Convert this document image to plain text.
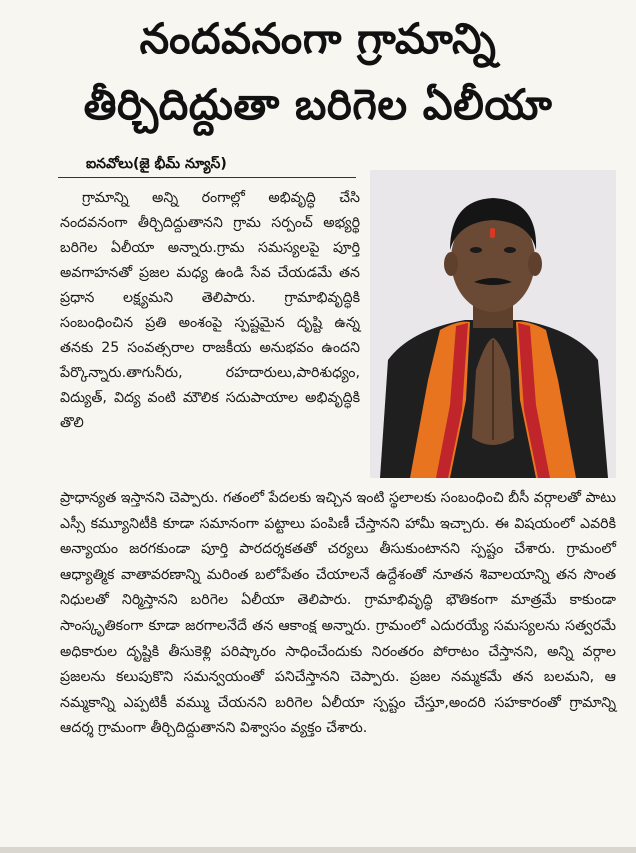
నందవనంగా గ్రామాన్ని
తీర్చిదిద్దుతా బరిగెల ఏలీయా
ఐనవోలు(జై భీమ్ న్యూస్)

గ్రామాన్ని అన్ని రంగాల్లో అభివృద్ధి చేసి నందవనంగా తీర్చిదిద్దుతానని గ్రామ సర్పంచ్ అభ్యర్థి బరిగెల ఏలీయా అన్నారు.గ్రామ సమస్యలపై పూర్తి అవగాహనతో ప్రజల మధ్య ఉండి సేవ చేయడమే తన ప్రధాన లక్ష్యమని తెలిపారు. గ్రామాభివృద్ధికి సంబంధించిన ప్రతి అంశంపై స్పష్టమైన దృష్టి ఉన్న తనకు 25 సంవత్సరాల రాజకీయ అనుభవం ఉందని పేర్కొన్నారు.తాగునీరు, రహదారులు,పారిశుధ్యం, విద్యుత్, విద్య వంటి మౌలిక సదుపాయాల అభివృద్ధికి తొలి

ప్రాధాన్యత ఇస్తానని చెప్పారు. గతంలో పేదలకు ఇచ్చిన ఇంటి స్థలాలకు సంబంధించి బీసీ వర్గాలతో పాటు ఎస్సీ కమ్యూనిటీకి కూడా సమానంగా పట్టాలు పంపిణీ చేస్తానని హామీ ఇచ్చారు. ఈ విషయంలో ఎవరికి అన్యాయం జరగకుండా పూర్తి పారదర్శకతతో చర్యలు తీసుకుంటానని స్పష్టం చేశారు. గ్రామంలో ఆధ్యాత్మిక వాతావరణాన్ని మరింత బలోపేతం చేయాలనే ఉద్దేశంతో నూతన శివాలయాన్ని తన సొంత నిధులతో నిర్మిస్తానని బరిగెల ఏలీయా తెలిపారు. గ్రామాభివృద్ధి భౌతికంగా మాత్రమే కాకుండా సాంస్కృతికంగా కూడా జరగాలనేదే తన ఆకాంక్ష అన్నారు. గ్రామంలో ఎదురయ్యే సమస్యలను సత్వరమే అధికారుల దృష్టికి తీసుకెళ్లి పరిష్కారం సాధించేందుకు నిరంతరం పోరాటం చేస్తానని, అన్ని వర్గాల ప్రజలను కలుపుకొని సమన్వయంతో పనిచేస్తానని చెప్పారు. ప్రజల నమ్మకమే తన బలమని, ఆ నమ్మకాన్ని ఎప్పటికీ వమ్ము చేయనని బరిగెల ఏలీయా స్పష్టం చేస్తూ,అందరి సహకారంతో గ్రామాన్ని ఆదర్శ గ్రామంగా తీర్చిదిద్దుతానని విశ్వాసం వ్యక్తం చేశారు.
